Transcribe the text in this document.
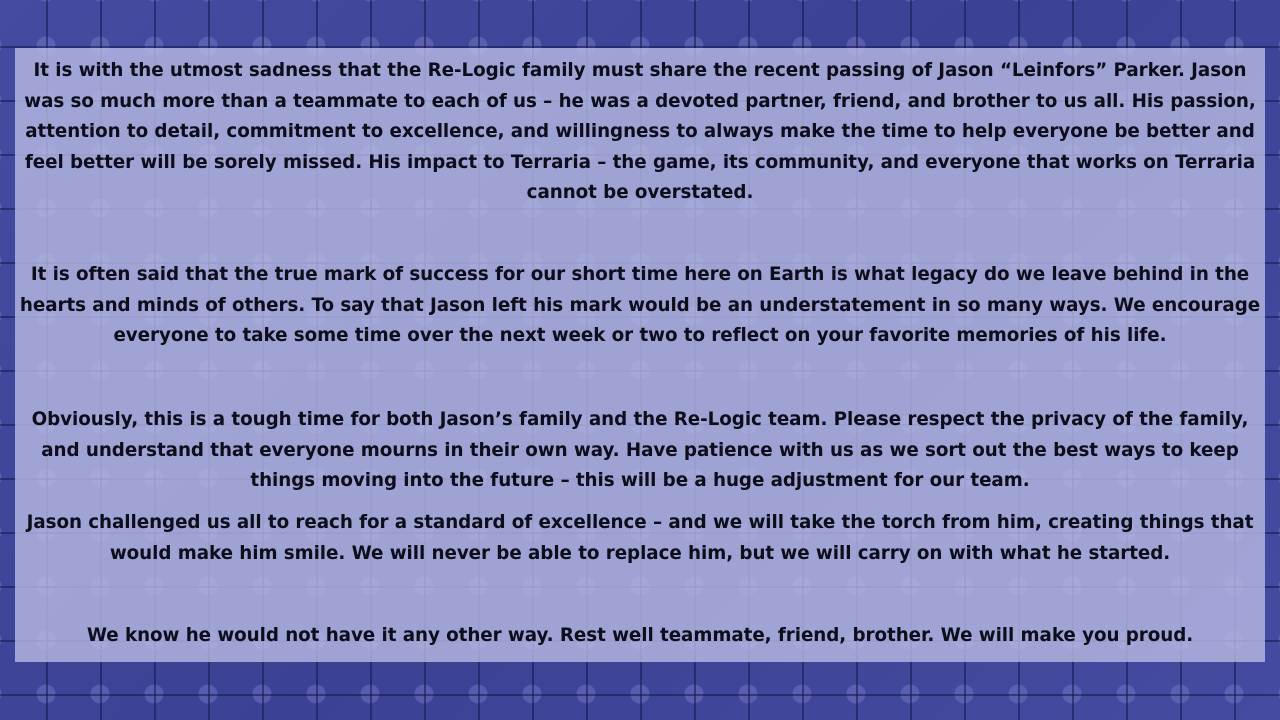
It is with the utmost sadness that the Re-Logic family must share the recent passing of Jason “Leinfors” Parker. Jason was so much more than a teammate to each of us – he was a devoted partner, friend, and brother to us all. His passion, attention to detail, commitment to excellence, and willingness to always make the time to help everyone be better and feel better will be sorely missed. His impact to Terraria – the game, its community, and everyone that works on Terraria cannot be overstated.

It is often said that the true mark of success for our short time here on Earth is what legacy do we leave behind in the hearts and minds of others. To say that Jason left his mark would be an understatement in so many ways. We encourage everyone to take some time over the next week or two to reflect on your favorite memories of his life.

Obviously, this is a tough time for both Jason’s family and the Re-Logic team. Please respect the privacy of the family, and understand that everyone mourns in their own way. Have patience with us as we sort out the best ways to keep things moving into the future – this will be a huge adjustment for our team.

Jason challenged us all to reach for a standard of excellence – and we will take the torch from him, creating things that would make him smile. We will never be able to replace him, but we will carry on with what he started.

We know he would not have it any other way. Rest well teammate, friend, brother. We will make you proud.
